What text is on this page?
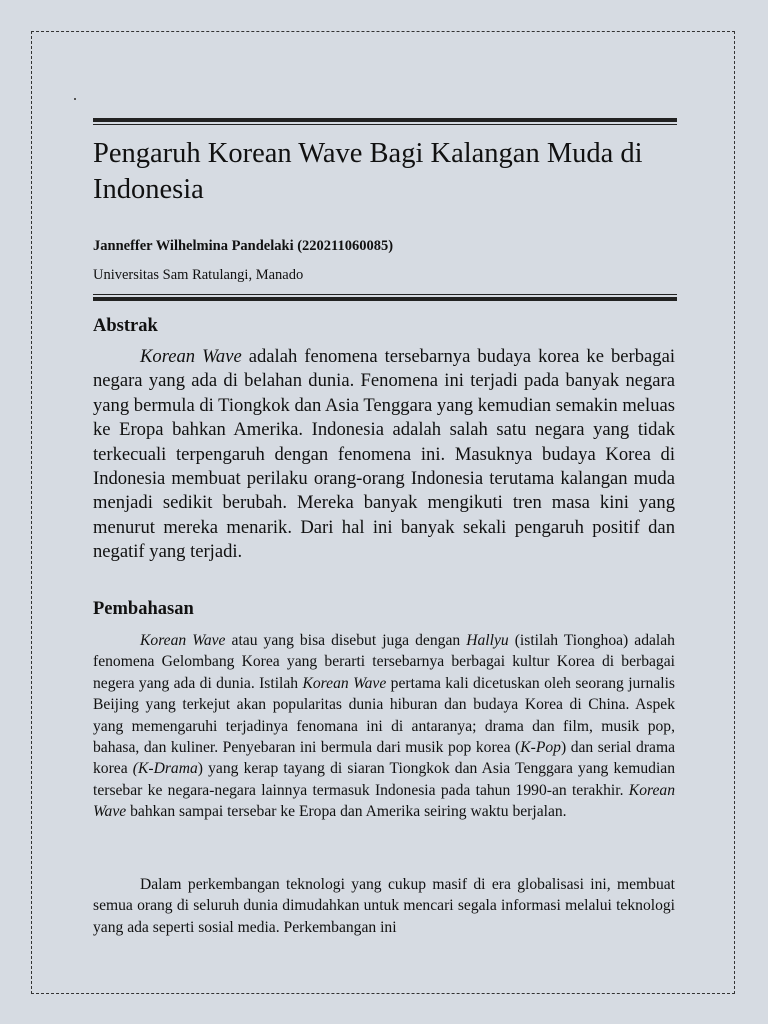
Pengaruh Korean Wave Bagi Kalangan Muda di Indonesia
Janneffer Wilhelmina Pandelaki (220211060085)
Universitas Sam Ratulangi, Manado
Abstrak

Korean Wave adalah fenomena tersebarnya budaya korea ke berbagai negara yang ada di belahan dunia. Fenomena ini terjadi pada banyak negara yang bermula di Tiongkok dan Asia Tenggara yang kemudian semakin meluas ke Eropa bahkan Amerika. Indonesia adalah salah satu negara yang tidak terkecuali terpengaruh dengan fenomena ini. Masuknya budaya Korea di Indonesia membuat perilaku orang-orang Indonesia terutama kalangan muda menjadi sedikit berubah. Mereka banyak mengikuti tren masa kini yang menurut mereka menarik. Dari hal ini banyak sekali pengaruh positif dan negatif yang terjadi.

Pembahasan

Korean Wave atau yang bisa disebut juga dengan Hallyu (istilah Tionghoa) adalah fenomena Gelombang Korea yang berarti tersebarnya berbagai kultur Korea di berbagai negera yang ada di dunia. Istilah Korean Wave pertama kali dicetuskan oleh seorang jurnalis Beijing yang terkejut akan popularitas dunia hiburan dan budaya Korea di China. Aspek yang memengaruhi terjadinya fenomana ini di antaranya; drama dan film, musik pop, bahasa, dan kuliner. Penyebaran ini bermula dari musik pop korea (K-Pop) dan serial drama korea (K-Drama) yang kerap tayang di siaran Tiongkok dan Asia Tenggara yang kemudian tersebar ke negara-negara lainnya termasuk Indonesia pada tahun 1990-an terakhir. Korean Wave bahkan sampai tersebar ke Eropa dan Amerika seiring waktu berjalan.

Dalam perkembangan teknologi yang cukup masif di era globalisasi ini, membuat semua orang di seluruh dunia dimudahkan untuk mencari segala informasi melalui teknologi yang ada seperti sosial media. Perkembangan ini
